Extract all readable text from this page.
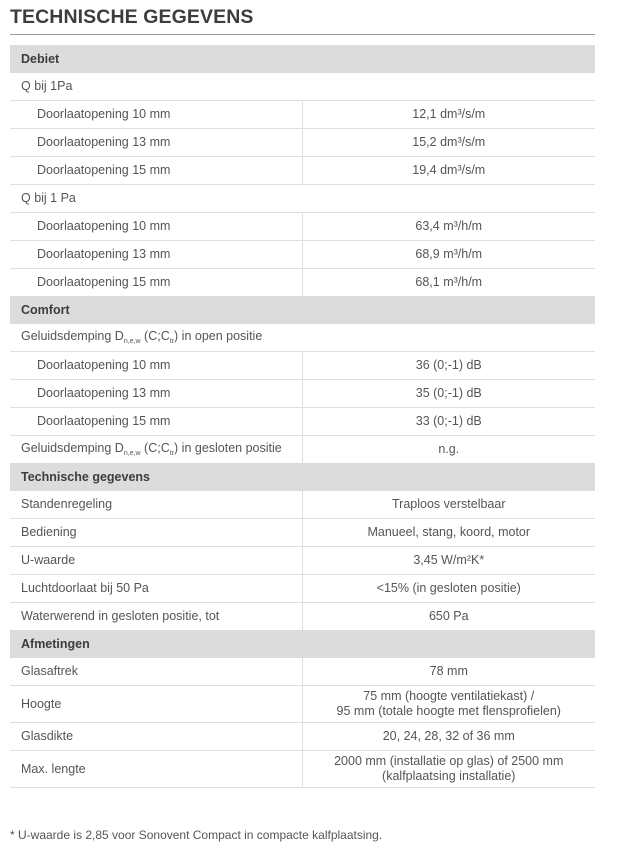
TECHNISCHE GEGEVENS
Debiet	
Q bij 1Pa	
Doorlaatopening 10 mm	12,1 dm³/s/m
Doorlaatopening 13 mm	15,2 dm³/s/m
Doorlaatopening 15 mm	19,4 dm³/s/m
Q bij 1 Pa	
Doorlaatopening 10 mm	63,4 m³/h/m
Doorlaatopening 13 mm	68,9 m³/h/m
Doorlaatopening 15 mm	68,1 m³/h/m
Comfort	
Geluidsdemping $D_{n,e,w}$ $(C;C_{tr})$ in open positie	
Doorlaatopening 10 mm	36 (0;-1) dB
Doorlaatopening 13 mm	35 (0;-1) dB
Doorlaatopening 15 mm	33 (0;-1) dB
Geluidsdemping $D_{n,e,w}$ $(C;C_{tr})$ in gesloten positie	n.g.
Technische gegevens	
Standenregeling	Traploos verstelbaar
Bediening	Manueel, stang, koord, motor
U-waarde	3,45 W/m²K*
Luchtdoorlaat bij 50 Pa	<15% (in gesloten positie)
Waterwerend in gesloten positie, tot	650 Pa
Afmetingen	
Glasaftrek	78 mm
Hoogte	75 mm (hoogte ventilatiekast) /
95 mm (totale hoogte met flensprofielen)

Glasdikte	20, 24, 28, 32 of 36 mm
Max. lengte	2000 mm (installatie op glas) of 2500 mm
(kalfplaatsing installatie)

* U-waarde is 2,85 voor Sonovent Compact in compacte kalfplaatsing.
